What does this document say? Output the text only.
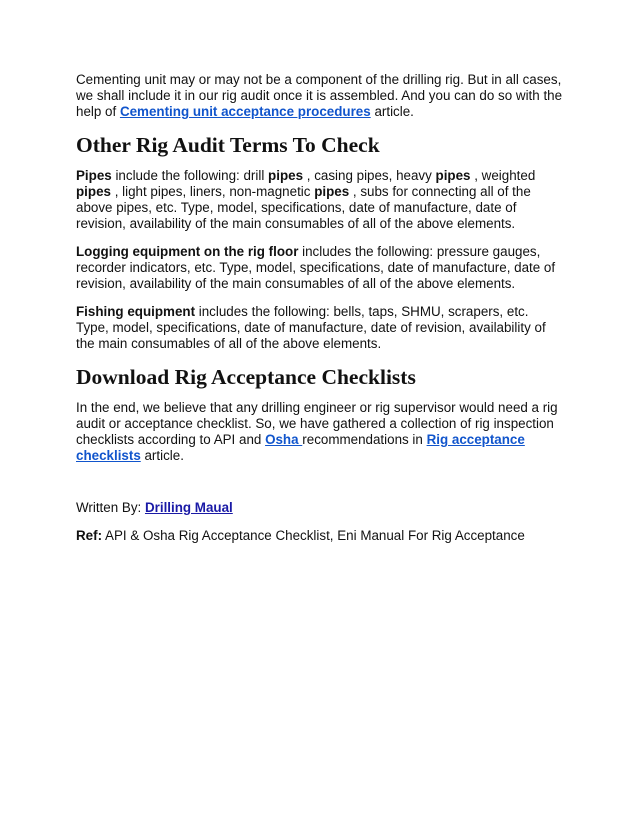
Cementing unit may or may not be a component of the drilling rig. But in all cases, we shall include it in our rig audit once it is assembled. And you can do so with the help of Cementing unit acceptance procedures article.

Other Rig Audit Terms To Check

Pipes include the following: drill pipes , casing pipes, heavy pipes , weighted pipes , light pipes, liners, non-magnetic pipes , subs for connecting all of the above pipes, etc. Type, model, specifications, date of manufacture, date of revision, availability of the main consumables of all of the above elements.

Logging equipment on the rig floor includes the following: pressure gauges, recorder indicators, etc. Type, model, specifications, date of manufacture, date of revision, availability of the main consumables of all of the above elements.

Fishing equipment includes the following: bells, taps, SHMU, scrapers, etc. Type, model, specifications, date of manufacture, date of revision, availability of the main consumables of all of the above elements.

Download Rig Acceptance Checklists

In the end, we believe that any drilling engineer or rig supervisor would need a rig audit or acceptance checklist. So, we have gathered a collection of rig inspection checklists according to API and Osha recommendations in Rig acceptance checklists article.

Written By: Drilling Maual

Ref: API & Osha Rig Acceptance Checklist, Eni Manual For Rig Acceptance
